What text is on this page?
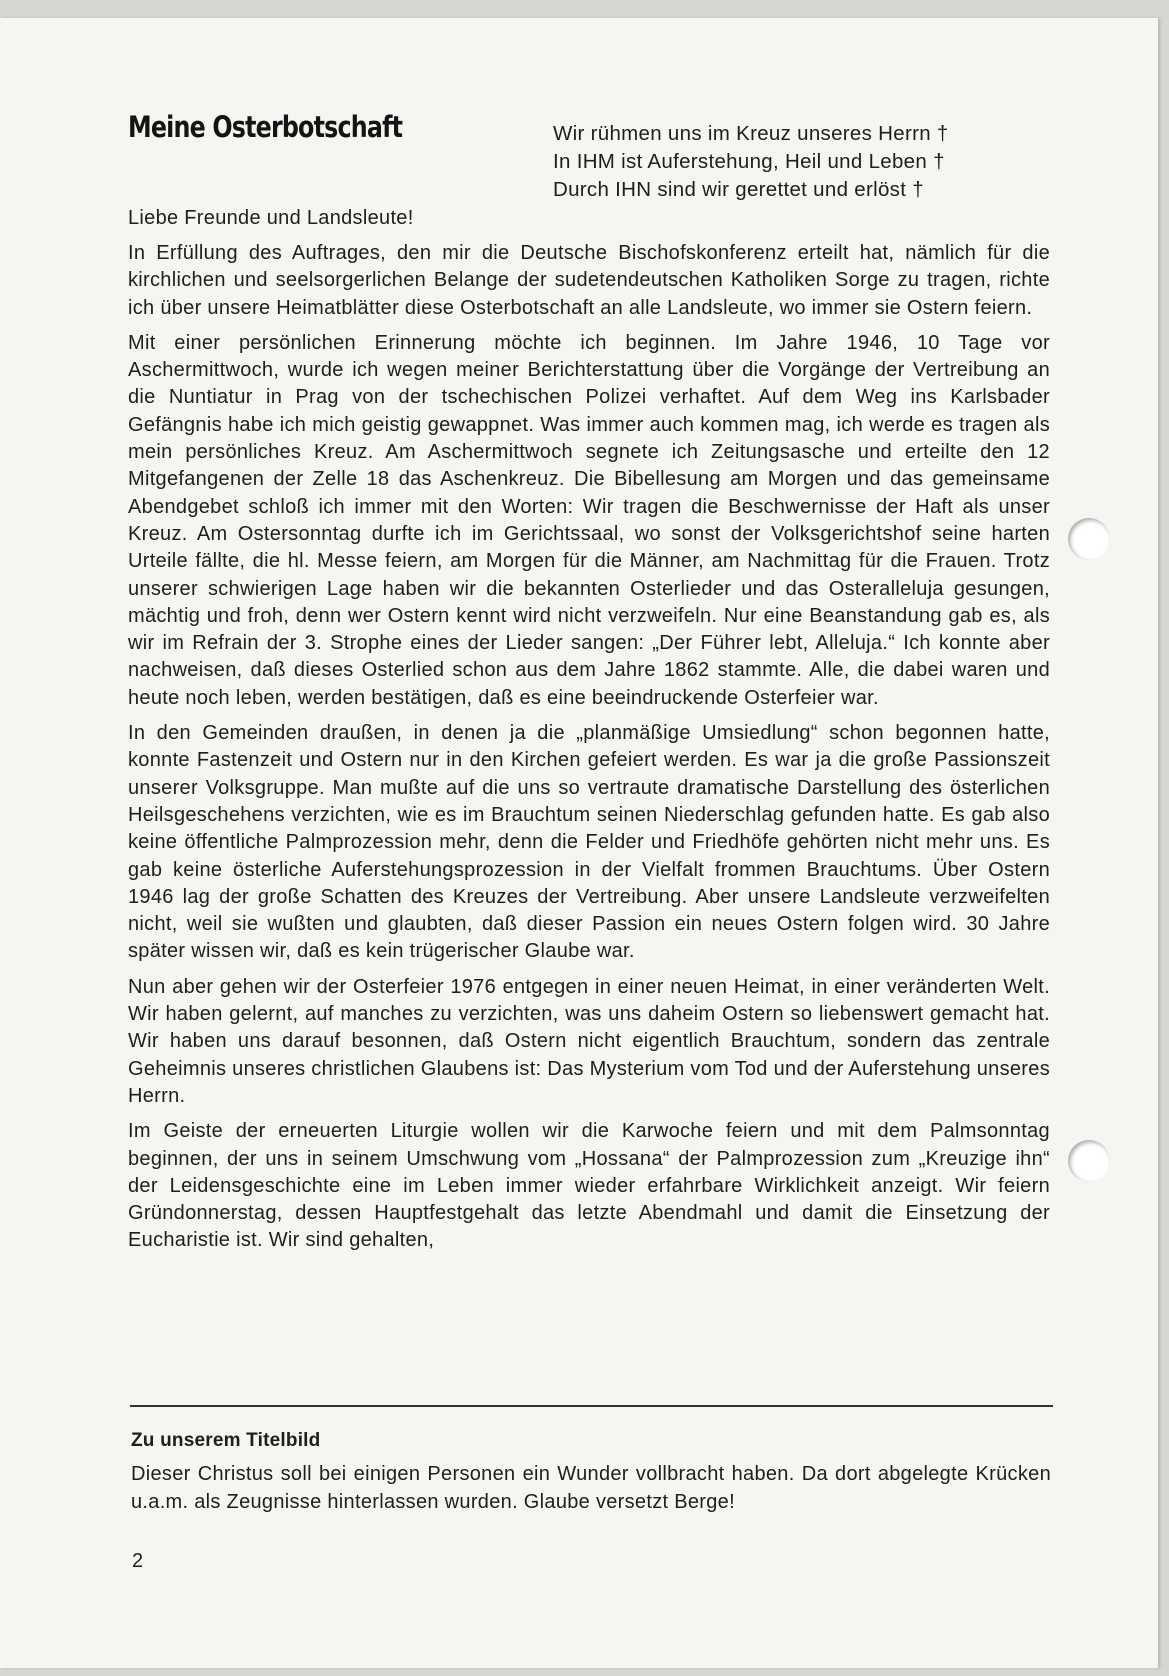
Meine Osterbotschaft	Wir rühmen uns im Kreuz unseres Herrn †
In IHM ist Auferstehung, Heil und Leben †
Durch IHN sind wir gerettet und erlöst †

Liebe Freunde und Landsleute!

In Erfüllung des Auftrages, den mir die Deutsche Bischofskonferenz erteilt hat, nämlich für die kirchlichen und seelsorgerlichen Belange der sudetendeutschen Katholiken Sorge zu tragen, richte ich über unsere Heimatblätter diese Osterbotschaft an alle Landsleute, wo immer sie Ostern feiern.

Mit einer persönlichen Erinnerung möchte ich beginnen. Im Jahre 1946, 10 Tage vor Aschermittwoch, wurde ich wegen meiner Berichterstattung über die Vorgänge der Vertreibung an die Nuntiatur in Prag von der tschechischen Polizei verhaftet. Auf dem Weg ins Karlsbader Gefängnis habe ich mich geistig gewappnet. Was immer auch kommen mag, ich werde es tragen als mein persönliches Kreuz. Am Aschermittwoch segnete ich Zeitungsasche und erteilte den 12 Mitgefangenen der Zelle 18 das Aschenkreuz. Die Bibellesung am Morgen und das gemeinsame Abendgebet schloß ich immer mit den Worten: Wir tragen die Beschwernisse der Haft als unser Kreuz. Am Ostersonntag durfte ich im Gerichtssaal, wo sonst der Volksgerichtshof seine harten Urteile fällte, die hl. Messe feiern, am Morgen für die Männer, am Nachmittag für die Frauen. Trotz unserer schwierigen Lage haben wir die bekannten Osterlieder und das Osteralleluja gesungen, mächtig und froh, denn wer Ostern kennt wird nicht verzweifeln. Nur eine Beanstandung gab es, als wir im Refrain der 3. Strophe eines der Lieder sangen: „Der Führer lebt, Alleluja.“ Ich konnte aber nachweisen, daß dieses Osterlied schon aus dem Jahre 1862 stammte. Alle, die dabei waren und heute noch leben, werden bestätigen, daß es eine beeindruckende Osterfeier war.

In den Gemeinden draußen, in denen ja die „planmäßige Umsiedlung“ schon begonnen hatte, konnte Fastenzeit und Ostern nur in den Kirchen gefeiert werden. Es war ja die große Passionszeit unserer Volksgruppe. Man mußte auf die uns so vertraute dramatische Darstellung des österlichen Heilsgeschehens verzichten, wie es im Brauchtum seinen Niederschlag gefunden hatte. Es gab also keine öffentliche Palmprozession mehr, denn die Felder und Friedhöfe gehörten nicht mehr uns. Es gab keine österliche Auferstehungsprozession in der Vielfalt frommen Brauchtums. Über Ostern 1946 lag der große Schatten des Kreuzes der Vertreibung. Aber unsere Landsleute verzweifelten nicht, weil sie wußten und glaubten, daß dieser Passion ein neues Ostern folgen wird. 30 Jahre später wissen wir, daß es kein trügerischer Glaube war.

Nun aber gehen wir der Osterfeier 1976 entgegen in einer neuen Heimat, in einer veränderten Welt. Wir haben gelernt, auf manches zu verzichten, was uns daheim Ostern so liebenswert gemacht hat. Wir haben uns darauf besonnen, daß Ostern nicht eigentlich Brauchtum, sondern das zentrale Geheimnis unseres christlichen Glaubens ist: Das Mysterium vom Tod und der Auferstehung unseres Herrn.

Im Geiste der erneuerten Liturgie wollen wir die Karwoche feiern und mit dem Palmsonntag beginnen, der uns in seinem Umschwung vom „Hossana“ der Palmprozession zum „Kreuzige ihn“ der Leidensgeschichte eine im Leben immer wieder erfahrbare Wirklichkeit anzeigt. Wir feiern Gründonnerstag, dessen Hauptfestgehalt das letzte Abendmahl und damit die Einsetzung der Eucharistie ist. Wir sind gehalten,

Zu unserem Titelbild

Dieser Christus soll bei einigen Personen ein Wunder vollbracht haben. Da dort abgelegte Krücken u.a.m. als Zeugnisse hinterlassen wurden. Glaube versetzt Berge!

2
